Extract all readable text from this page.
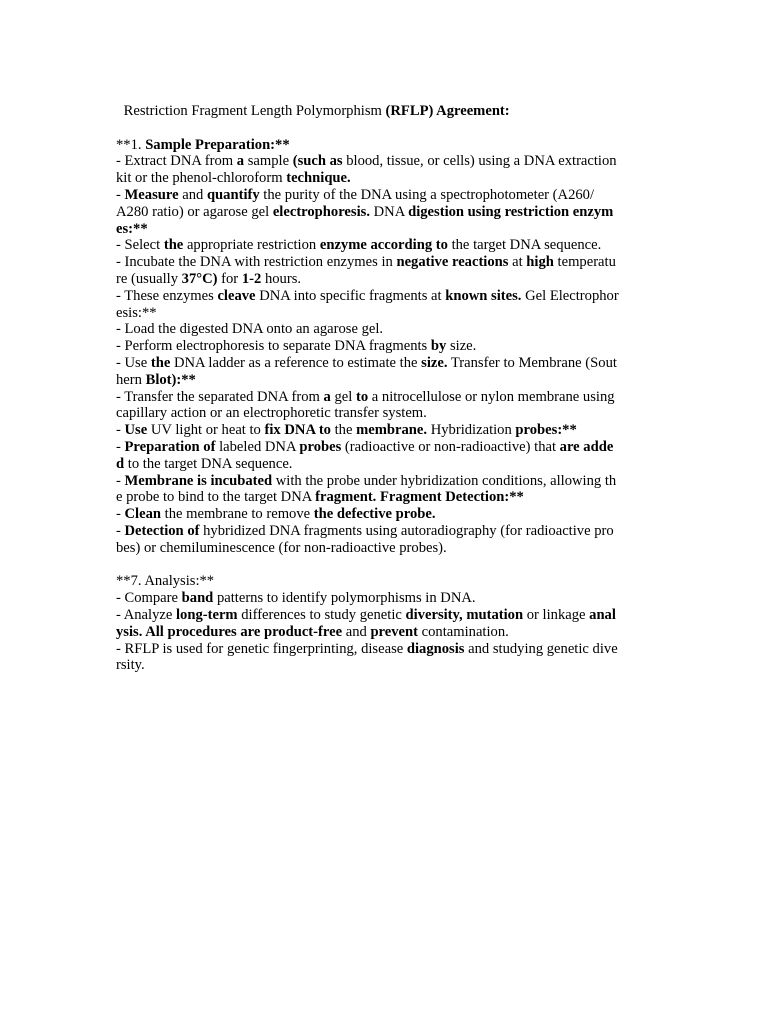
Restriction Fragment Length Polymorphism (RFLP) Agreement:
**1. Sample Preparation:**
- Extract DNA from a sample (such as blood, tissue, or cells) using a DNA extraction
kit or the phenol-chloroform technique.
- Measure and quantify the purity of the DNA using a spectrophotometer (A260/
A280 ratio) or agarose gel electrophoresis. DNA digestion using restriction enzym
es:**
- Select the appropriate restriction enzyme according to the target DNA sequence.
- Incubate the DNA with restriction enzymes in negative reactions at high temperatu
re (usually 37°C) for 1-2 hours.
- These enzymes cleave DNA into specific fragments at known sites. Gel Electrophor
esis:**
- Load the digested DNA onto an agarose gel.
- Perform electrophoresis to separate DNA fragments by size.
- Use the DNA ladder as a reference to estimate the size. Transfer to Membrane (Sout
hern Blot):**
- Transfer the separated DNA from a gel to a nitrocellulose or nylon membrane using
capillary action or an electrophoretic transfer system.
- Use UV light or heat to fix DNA to the membrane. Hybridization probes:**
- Preparation of labeled DNA probes (radioactive or non-radioactive) that are adde
d to the target DNA sequence.
- Membrane is incubated with the probe under hybridization conditions, allowing th
e probe to bind to the target DNA fragment. Fragment Detection:**
- Clean the membrane to remove the defective probe.
- Detection of hybridized DNA fragments using autoradiography (for radioactive pro
bes) or chemiluminescence (for non-radioactive probes).
**7. Analysis:**
- Compare band patterns to identify polymorphisms in DNA.
- Analyze long-term differences to study genetic diversity, mutation or linkage anal
ysis. All procedures are product-free and prevent contamination.
- RFLP is used for genetic fingerprinting, disease diagnosis and studying genetic dive
rsity.
